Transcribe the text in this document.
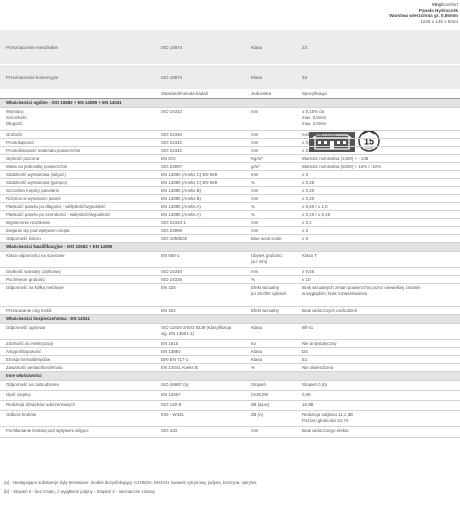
Vinylcomfort
Panela Hydrocork
Warstwa wierzchnia gr. 0,55mm
1225 x 145 x 6mm
Przeznaczenie mieszkalne	ISO 10874	Klasa	23
Przeznaczenie komercyjne	ISO 10874	Klasa	33
15
YEARS
Standard/metoda badań	Jednostka	Specyfikacja
Właściwości ogólne - ISO 10582 + EN 14085 + EN 14041
Wymiary:
Szerokość:
Długość:
ISO 24342	mm	± 0,10% do
max. 0,5mm
max. 2,0mm
Grubość	ISO 24346	mm	nominalna + 0,20
Prostokątność	ISO 24342	mm	≤ 0,50
Prostoliniowość materiału powierzchni	ISO 24342	mm	≤ 0,30
Gęstość pozorna	EN 672	Kg/m³	Wartość nominalna (1400) + - 149
Masa na jednostkę powierzchni	ISO 23997	g/m²	Wartość nominalna (8400) + 13% / -10%
Stabilność wymiarowa (wilgoć)	EN 14080 (Aneks C) EN 669	mm	≤ 3
Stabilność wymiarowa (gorąco)	EN 14080 (Aneks C) EN 669	%	≤ 0,25
Szczelina między panelami	EN 14085 (Aneks B)	mm	≤ 0,20
Różnica w wysokości paneli	EN 14085 (Aneks B)	mm	≤ 0,20
Płaskość panelu po długości - wklęsłość/wypukłość	EN 14085 (Aneks A)	%	≤ 0,50 / ≤ 1,0
Płaskość panelu po szerokości - wklęsłość/wypukłość	EN 14085 (Aneks A)	%	≤ 0,10 / ≤ 0,15
Wgniecenie resztkowe	ISO 24343-1	mm	≤ 0,1
Zwijanie się pod wpływem ciepła	ISO 23999	mm	≤ 2
Odporność koloru	ISO 105/BO2	Blue wool scale	≥ 6
Właściwości kwalifikacyjne - ISO 10582 + EN 14085
Klasa odporności na ścieranie	EN 660-1	Ubytek grubości
(Δ l mm)
Klasa T
Giętkość warstwy użytkowej	ISO 24340	mm	≥ 0,55
Puchnięcie grubości	ISO 24336	%	≤ 10
Odporność na kółka meblowe	EN 425	Efekt wizualny
po 25.000 cyklach
Brak wizualnych zmian powierzchni przez niewielkiej zmianie
w wyglądzie; brak rozwarstwienia
Przesuwanie nóg mebli	EN 424	Efekt wizualny	Brak widocznych uszkodzeń
Właściwości bezpieczeństwa - EN 14041
Odporność ogniowa	ISO 11925-2/ISO 9239 (Klasyfikacja
wg. EN 13501-1)
Klasa	Bfl-s1
Zdolność do elektryzacji	EN 1815	Kv	Nie antystatyczny
Antypoślizgowość	EN 13893	Klasa	DS
Emisja formaldehydów	DIN EN 717-1	Klasa	E1
Zawartość pentachlorofenolu	EN 14041 Aneks B	%	Nie stwierdzono
Inne właściwości
Odporność na zabrudzenia	ISO 26987 (a)	Stopień	Stopień 0 (b)
Opór cieplny	EN 12667	(m2K)/W	0,06
Redukcja dźwięków uderzeniowych	ISO 140-8	dB (ΔLw)	16 dB
Odbicie kroków	IHD - W431	dB (A)	Redukcja odgłosu 11,1 dB
Poziom głośności 51,74
Pochłanianie kroków pod wpływem wilgoci	ISO 433	mm	Brak widocznego efektu
(a) - Następujące substancje były testowane: środek dezynfekujący, C2H5OH, NH4OH, kwasek cytrynowy, jodyna, benzyna, spirytus
(b) - Stopień 0 - bez zmian, z wyjątkiem jodyny - Stopień 2 - nieznaczne zmiany
